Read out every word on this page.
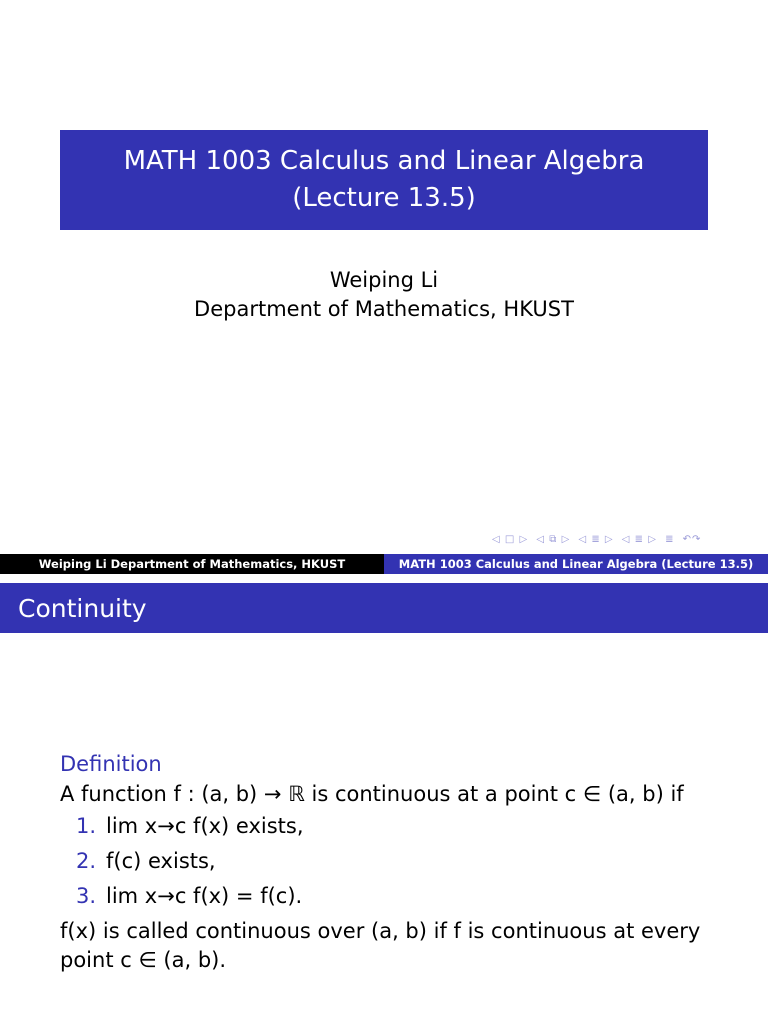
MATH 1003 Calculus and Linear Algebra
(Lecture 13.5)
Weiping Li
Department of Mathematics, HKUST
◁ □ ▷ ◁ ⧉ ▷ ◁ ≣ ▷ ◁ ≣ ▷ ≣ ↶↷
Weiping Li Department of Mathematics, HKUST	MATH 1003 Calculus and Linear Algebra (Lecture 13.5)
Continuity
Definition
A function f : (a, b) → ℝ is continuous at a point c ∈ (a, b) if
1. lim x→c f(x) exists,
2. f(c) exists,
3. lim x→c f(x) = f(c).
f(x) is called continuous over (a, b) if f is continuous at every
point c ∈ (a, b).
